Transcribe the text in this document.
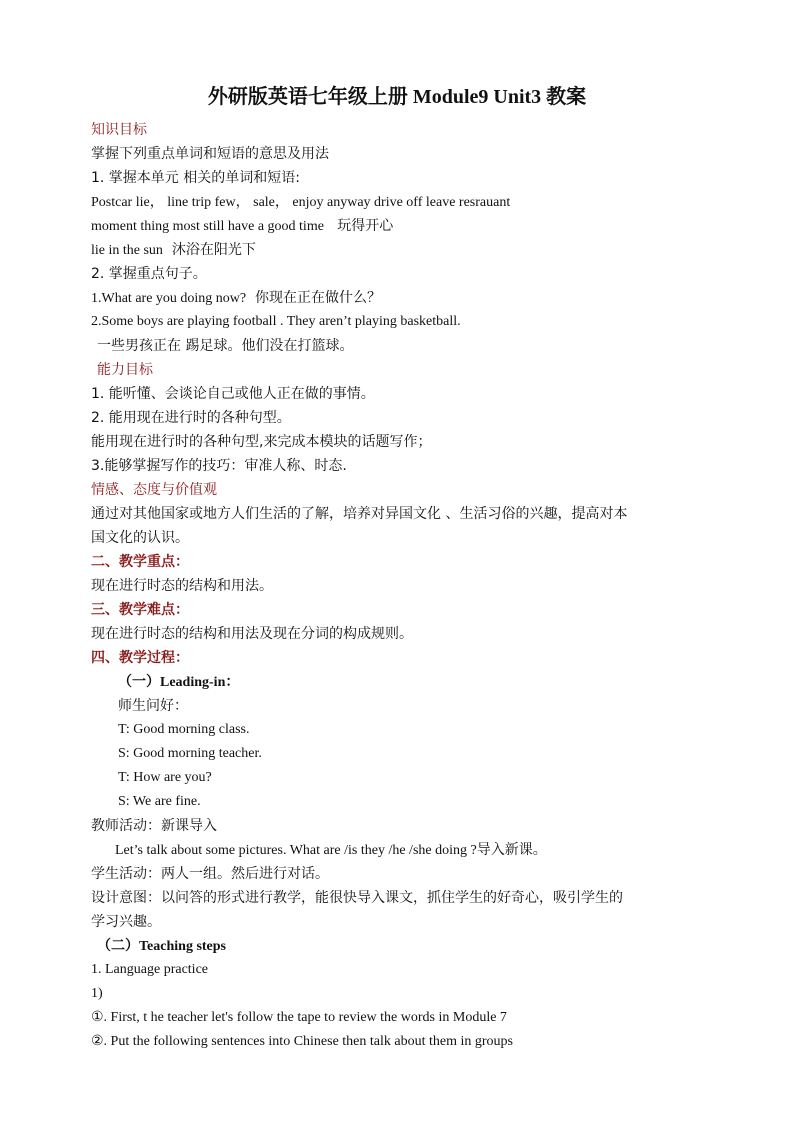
外研版英语七年级上册 Module9 Unit3 教案

知识目标

掌握下列重点单词和短语的意思及用法

1. 掌握本单元 相关的单词和短语:

Postcar lie， line trip few， sale， enjoy anyway drive off leave resrauant

moment thing most still have a good time 玩得开心

lie in the sun 沐浴在阳光下

2. 掌握重点句子。

1.What are you doing now? 你现在正在做什么？

2.Some boys are playing football . They aren’t playing basketball.

一些男孩正在 踢足球。他们没在打篮球。

能力目标

1. 能听懂、会谈论自己或他人正在做的事情。

2. 能用现在进行时的各种句型。

能用现在进行时的各种句型,来完成本模块的话题写作；

3.能够掌握写作的技巧：审准人称、时态.

情感、态度与价值观

通过对其他国家或地方人们生活的了解，培养对异国文化 、生活习俗的兴趣，提高对本

国文化的认识。

二、教学重点：

现在进行时态的结构和用法。

三、教学难点：

现在进行时态的结构和用法及现在分词的构成规则。

四、教学过程：

（一）Leading-in：

师生问好：

T: Good morning class.

S: Good morning teacher.

T: How are you?

S: We are fine.

教师活动：新课导入

Let’s talk about some pictures. What are /is they /he /she doing ?导入新课。

学生活动：两人一组。然后进行对话。

设计意图：以问答的形式进行教学，能很快导入课文，抓住学生的好奇心，吸引学生的

学习兴趣。

（二）Teaching steps

1. Language practice

1)

①. First, t he teacher let's follow the tape to review the words in Module 7

②. Put the following sentences into Chinese then talk about them in groups
